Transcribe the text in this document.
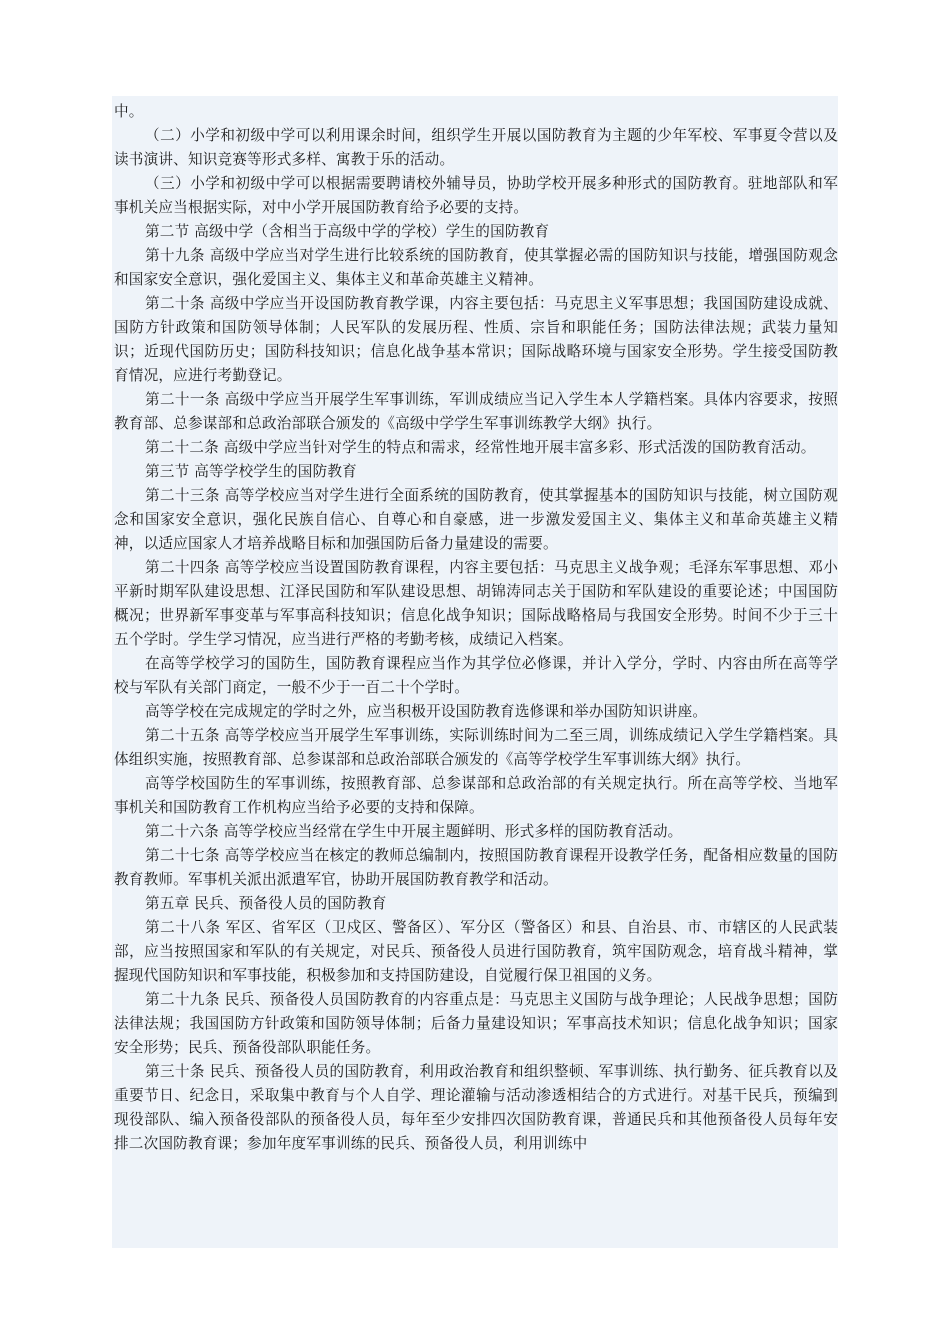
中。

（二）小学和初级中学可以利用课余时间，组织学生开展以国防教育为主题的少年军校、军事夏令营以及读书演讲、知识竞赛等形式多样、寓教于乐的活动。

（三）小学和初级中学可以根据需要聘请校外辅导员，协助学校开展多种形式的国防教育。驻地部队和军事机关应当根据实际，对中小学开展国防教育给予必要的支持。

第二节 高级中学（含相当于高级中学的学校）学生的国防教育

第十九条 高级中学应当对学生进行比较系统的国防教育，使其掌握必需的国防知识与技能，增强国防观念和国家安全意识，强化爱国主义、集体主义和革命英雄主义精神。

第二十条 高级中学应当开设国防教育教学课，内容主要包括：马克思主义军事思想；我国国防建设成就、国防方针政策和国防领导体制；人民军队的发展历程、性质、宗旨和职能任务；国防法律法规；武装力量知识；近现代国防历史；国防科技知识；信息化战争基本常识；国际战略环境与国家安全形势。学生接受国防教育情况，应进行考勤登记。

第二十一条 高级中学应当开展学生军事训练，军训成绩应当记入学生本人学籍档案。具体内容要求，按照教育部、总参谋部和总政治部联合颁发的《高级中学学生军事训练教学大纲》执行。

第二十二条 高级中学应当针对学生的特点和需求，经常性地开展丰富多彩、形式活泼的国防教育活动。

第三节 高等学校学生的国防教育

第二十三条 高等学校应当对学生进行全面系统的国防教育，使其掌握基本的国防知识与技能，树立国防观念和国家安全意识，强化民族自信心、自尊心和自豪感，进一步激发爱国主义、集体主义和革命英雄主义精神，以适应国家人才培养战略目标和加强国防后备力量建设的需要。

第二十四条 高等学校应当设置国防教育课程，内容主要包括：马克思主义战争观；毛泽东军事思想、邓小平新时期军队建设思想、江泽民国防和军队建设思想、胡锦涛同志关于国防和军队建设的重要论述；中国国防概况；世界新军事变革与军事高科技知识；信息化战争知识；国际战略格局与我国安全形势。时间不少于三十五个学时。学生学习情况，应当进行严格的考勤考核，成绩记入档案。

在高等学校学习的国防生，国防教育课程应当作为其学位必修课，并计入学分，学时、内容由所在高等学校与军队有关部门商定，一般不少于一百二十个学时。

高等学校在完成规定的学时之外，应当积极开设国防教育选修课和举办国防知识讲座。

第二十五条 高等学校应当开展学生军事训练，实际训练时间为二至三周，训练成绩记入学生学籍档案。具体组织实施，按照教育部、总参谋部和总政治部联合颁发的《高等学校学生军事训练大纲》执行。

高等学校国防生的军事训练，按照教育部、总参谋部和总政治部的有关规定执行。所在高等学校、当地军事机关和国防教育工作机构应当给予必要的支持和保障。

第二十六条 高等学校应当经常在学生中开展主题鲜明、形式多样的国防教育活动。

第二十七条 高等学校应当在核定的教师总编制内，按照国防教育课程开设教学任务，配备相应数量的国防教育教师。军事机关派出派遣军官，协助开展国防教育教学和活动。

第五章 民兵、预备役人员的国防教育

第二十八条 军区、省军区（卫戍区、警备区）、军分区（警备区）和县、自治县、市、市辖区的人民武装部，应当按照国家和军队的有关规定，对民兵、预备役人员进行国防教育，筑牢国防观念，培育战斗精神，掌握现代国防知识和军事技能，积极参加和支持国防建设，自觉履行保卫祖国的义务。

第二十九条 民兵、预备役人员国防教育的内容重点是：马克思主义国防与战争理论；人民战争思想；国防法律法规；我国国防方针政策和国防领导体制；后备力量建设知识；军事高技术知识；信息化战争知识；国家安全形势；民兵、预备役部队职能任务。

第三十条 民兵、预备役人员的国防教育，利用政治教育和组织整顿、军事训练、执行勤务、征兵教育以及重要节日、纪念日，采取集中教育与个人自学、理论灌输与活动渗透相结合的方式进行。对基干民兵，预编到现役部队、编入预备役部队的预备役人员，每年至少安排四次国防教育课，普通民兵和其他预备役人员每年安排二次国防教育课；参加年度军事训练的民兵、预备役人员，利用训练中
